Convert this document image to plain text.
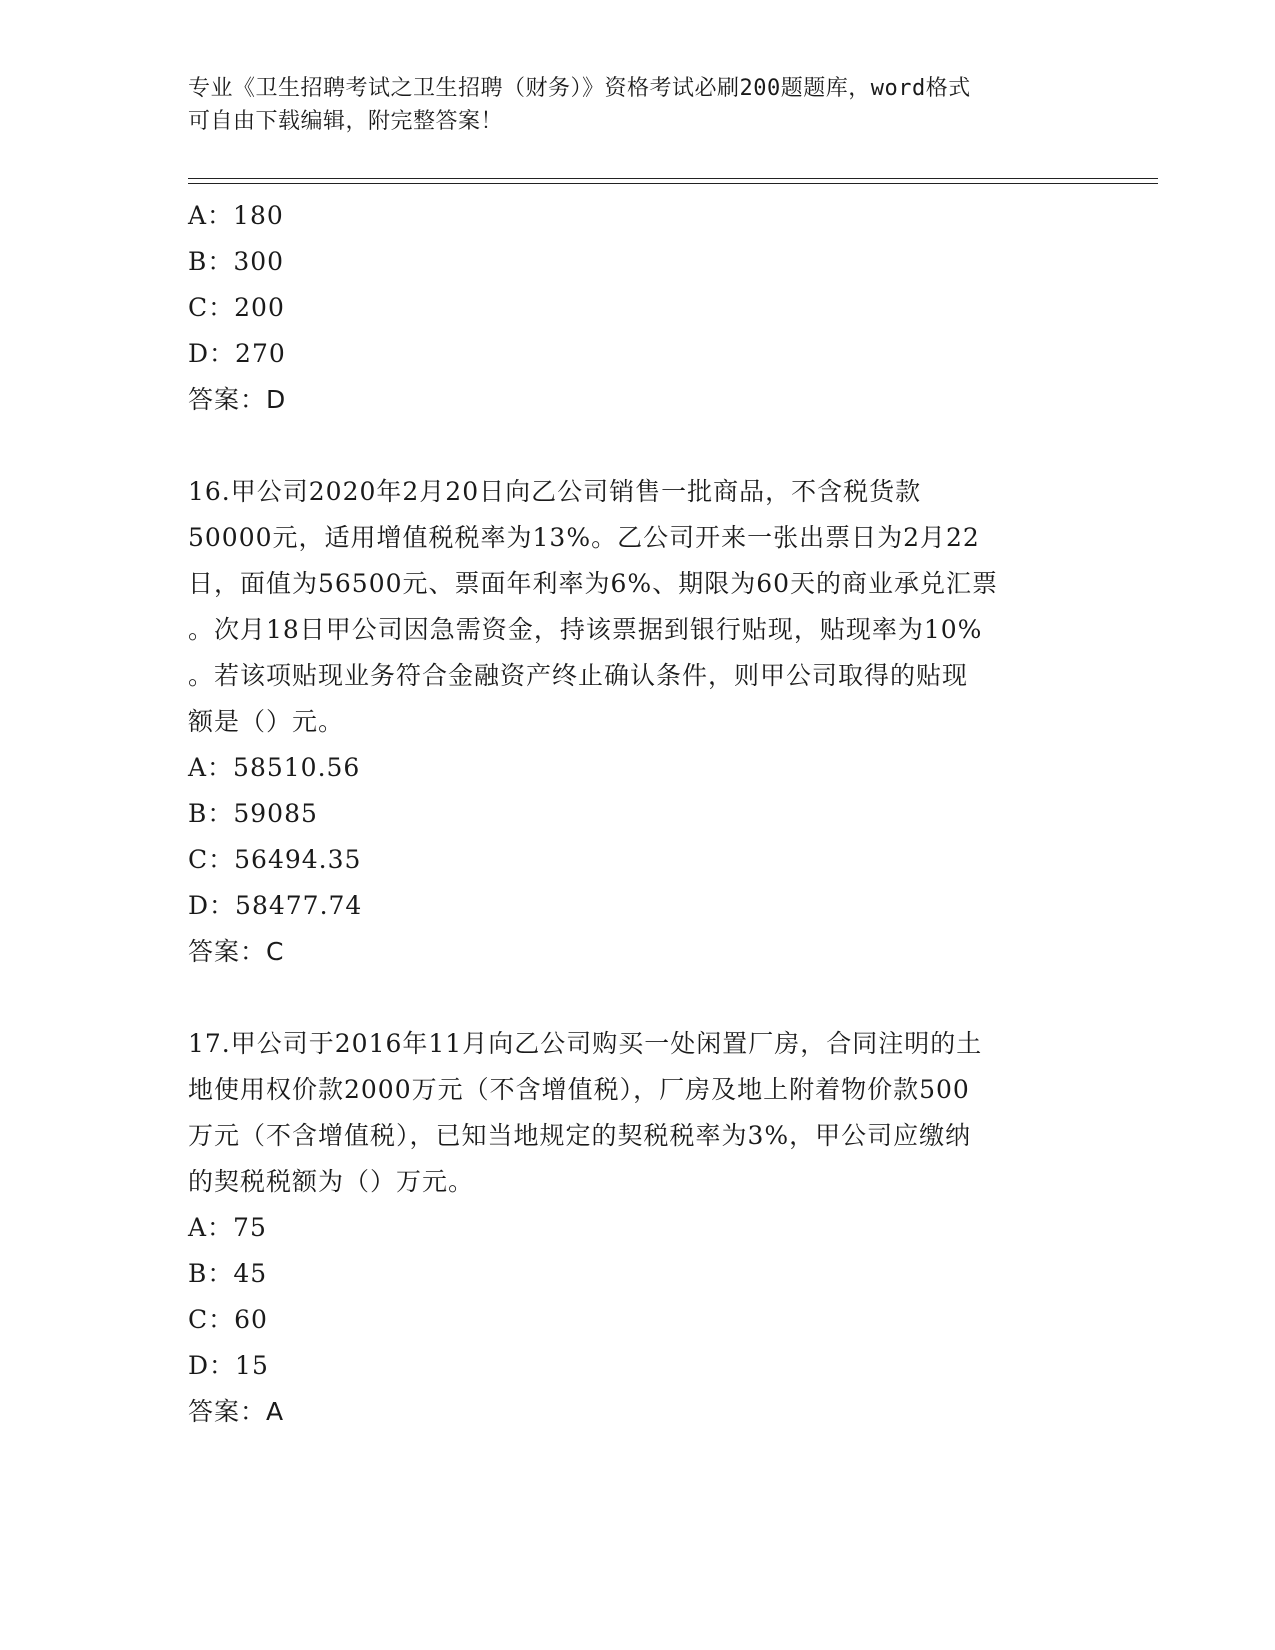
专业《卫生招聘考试之卫生招聘（财务）》资格考试必刷200题题库，word格式
可自由下载编辑，附完整答案！
A：180
B：300
C：200
D：270
答案：D
16.甲公司2020年2月20日向乙公司销售一批商品，不含税货款
50000元，适用增值税税率为13%。乙公司开来一张出票日为2月22
日，面值为56500元、票面年利率为6%、期限为60天的商业承兑汇票
。次月18日甲公司因急需资金，持该票据到银行贴现，贴现率为10%
。若该项贴现业务符合金融资产终止确认条件，则甲公司取得的贴现
额是（）元。
A：58510.56
B：59085
C：56494.35
D：58477.74
答案：C
17.甲公司于2016年11月向乙公司购买一处闲置厂房，合同注明的土
地使用权价款2000万元（不含增值税），厂房及地上附着物价款500
万元（不含增值税），已知当地规定的契税税率为3%，甲公司应缴纳
的契税税额为（）万元。
A：75
B：45
C：60
D：15
答案：A
